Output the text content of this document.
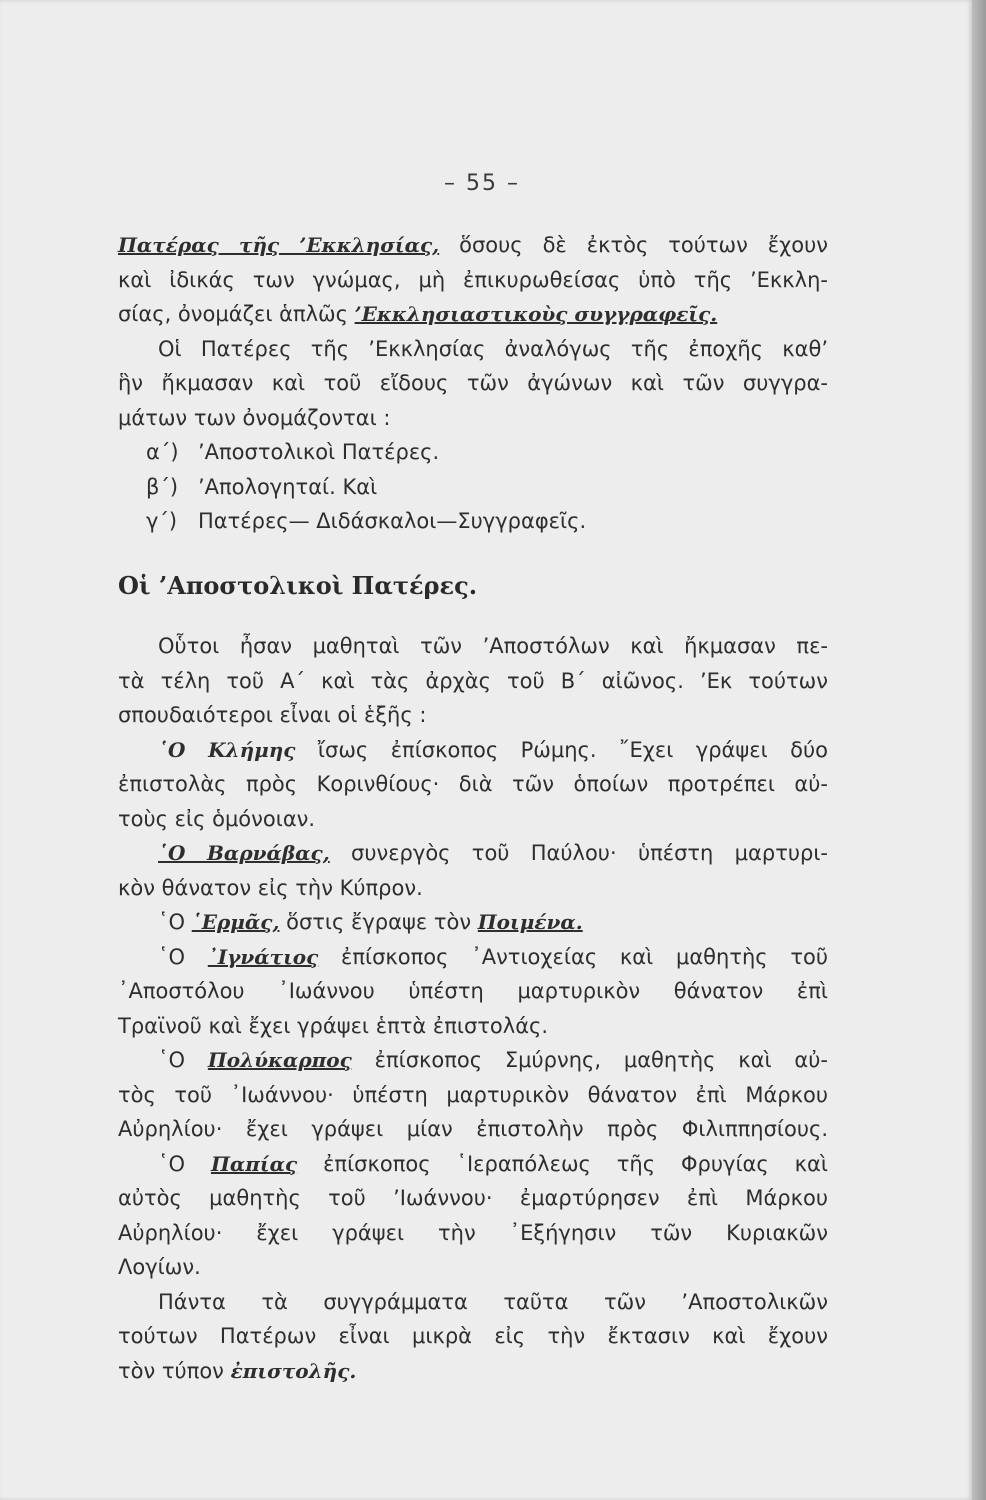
– 55 –
Πατέρας τῆς ’Εκκλησίας, ὅσους δὲ ἐκτὸς τούτων ἔχουν
καὶ ἰδικάς των γνώμας, μὴ ἐπικυρωθείσας ὑπὸ τῆς ’Εκκλη-
σίας, ὀνομάζει ἁπλῶς ’Εκκλησιαστικοὺς συγγραφεῖς.
Οἱ Πατέρες τῆς ’Εκκλησίας ἀναλόγως τῆς ἐποχῆς καθ’
ἣν ἤκμασαν καὶ τοῦ εἴδους τῶν ἀγώνων καὶ τῶν συγγρα-
μάτων των ὀνομάζονται :
α΄) ’Αποστολικοὶ Πατέρες.
β΄) ’Απολογηταί. Καὶ
γ΄) Πατέρες— Διδάσκαλοι—Συγγραφεῖς.
Οἱ ’Αποστολικοὶ Πατέρες.
Οὗτοι ἦσαν μαθηταὶ τῶν ’Αποστόλων καὶ ἤκμασαν πε-
τὰ τέλη τοῦ Α΄ καὶ τὰς ἀρχὰς τοῦ Β΄ αἰῶνος. ’Εκ τούτων
σπουδαιότεροι εἶναι οἱ ἑξῆς :
῾Ο Κλήμης ἴσως ἐπίσκοπος Ρώμης. ῎Εχει γράψει δύο
ἐπιστολὰς πρὸς Κορινθίους· διὰ τῶν ὁποίων προτρέπει αὐ-
τοὺς εἰς ὁμόνοιαν.
῾Ο Βαρνάβας, συνεργὸς τοῦ Παύλου· ὑπέστη μαρτυρι-
κὸν θάνατον εἰς τὴν Κύπρον.
῾Ο ῾Ερμᾶς, ὅστις ἔγραψε τὸν Ποιμένα.
῾Ο ᾽Ιγνάτιος ἐπίσκοπος ᾽Αντιοχείας καὶ μαθητὴς τοῦ
᾽Αποστόλου ᾽Ιωάννου ὑπέστη μαρτυρικὸν θάνατον ἐπὶ
Τραϊνοῦ καὶ ἔχει γράψει ἑπτὰ ἐπιστολάς.
῾Ο Πολύκαρπος ἐπίσκοπος Σμύρνης, μαθητὴς καὶ αὐ-
τὸς τοῦ ᾽Ιωάννου· ὑπέστη μαρτυρικὸν θάνατον ἐπὶ Μάρκου
Αὐρηλίου· ἔχει γράψει μίαν ἐπιστολὴν πρὸς Φιλιππησίους.
῾Ο Παπίας ἐπίσκοπος ῾Ιεραπόλεως τῆς Φρυγίας καὶ
αὐτὸς μαθητὴς τοῦ ’Ιωάννου· ἐμαρτύρησεν ἐπὶ Μάρκου
Αὐρηλίου· ἔχει γράψει τὴν ᾽Εξήγησιν τῶν Κυριακῶν
Λογίων.
Πάντα τὰ συγγράμματα ταῦτα τῶν ’Αποστολικῶν
τούτων Πατέρων εἶναι μικρὰ εἰς τὴν ἔκτασιν καὶ ἔχουν
τὸν τύπον ἐπιστολῆς.
